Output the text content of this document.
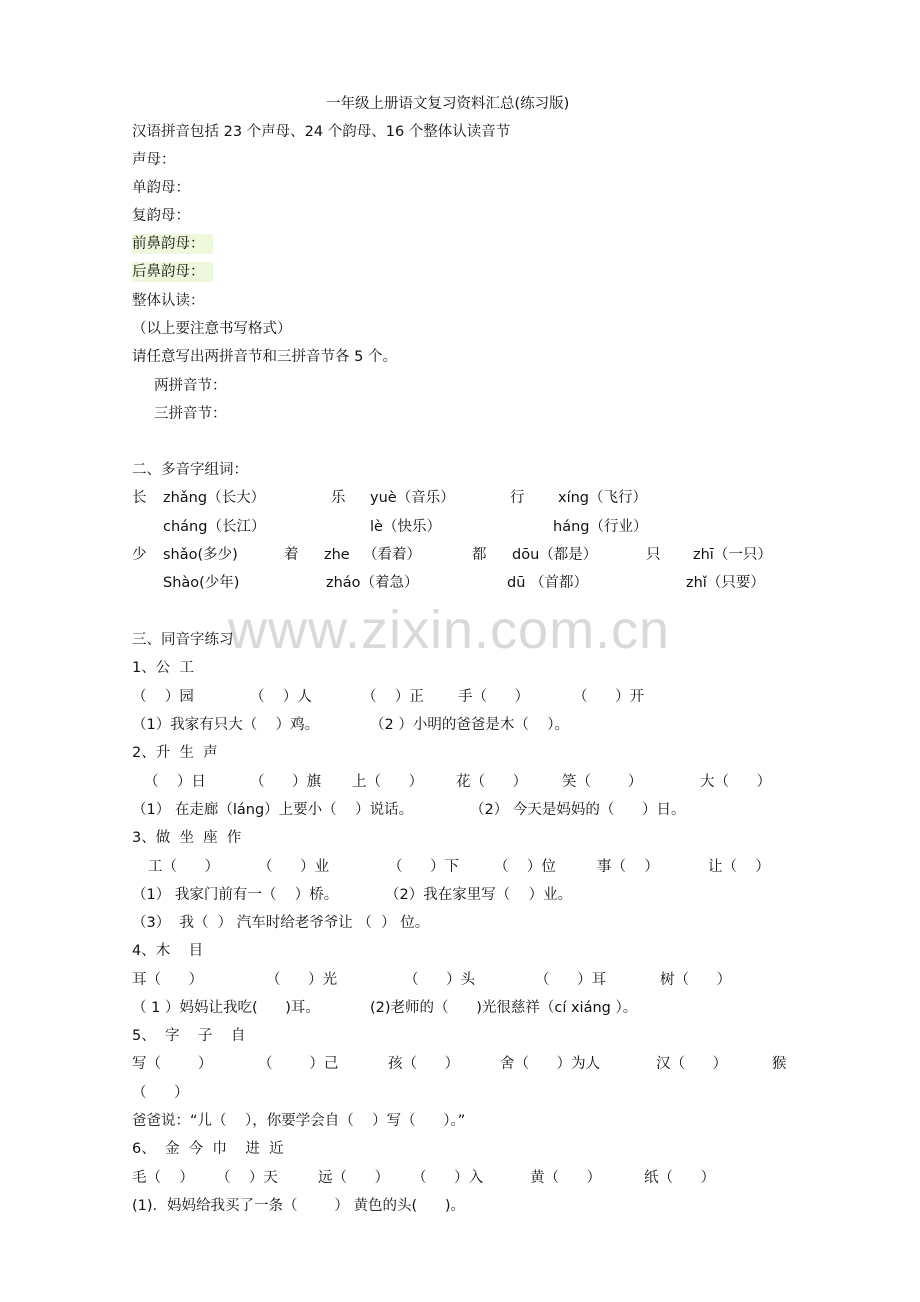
www.zixin.com.cn
一年级上册语文复习资料汇总(练习版)
汉语拼音包括 23 个声母、24 个韵母、16 个整体认读音节
声母：
单韵母：
复韵母：
前鼻韵母：
后鼻韵母：
整体认读：
（以上要注意书写格式）
请任意写出两拼音节和三拼音节各 5 个。
两拼音节：
三拼音节：
二、多音字组词：
长 zhǎng（长大）	乐 yuè（音乐）	行 xíng（飞行）
cháng（长江）	lè（快乐）	háng（行业）
少 shǎo(多少)	着 zhe （看着）	都 dōu（都是）	只 zhī（一只）
Shào(少年)	zháo（着急）	dū （首都）	zhǐ（只要）
三、同音字练习
1、公  工
（    ）园	（    ）人	（    ）正 手（      ）	（      ）开
（1）我家有只大（    ）鸡。	（2 ）小明的爸爸是木（    ）。
2、升  生  声
（    ）日	（      ）旗 上（      ） 花（      ） 笑（        ）	大（      ）
（1） 在走廊（láng）上要小（    ）说话。	（2） 今天是妈妈的（      ）日。
3、做  坐  座  作
工（      ）	（      ）业	（      ）下 （    ）位	事（    ）	让（    ）
（1） 我家门前有一（    ）桥。	（2）我在家里写（    ）业。
（3）  我（  ） 汽车时给老爷爷让 （  ） 位。
4、木    目
耳（      ）	（      ）光	（      ）头	（      ）耳	树（      ）
（ 1 ）妈妈让我吃(      )耳。	(2)老师的（      )光很慈祥（cí xiáng ）。
5、  字    子    自
写（        ）	（        ）己	孩（      ）	舍（      ）为人	汉（      ）	猴
（      ）
爸爸说：“儿（    ），你要学会自（    ）写（      ）。”
6、  金  今  巾    进  近
毛（    ） （    ）天	远（      ） （      ）入	黄（      ）	纸（      ）
(1)．妈妈给我买了一条（        ） 黄色的头(      )。
